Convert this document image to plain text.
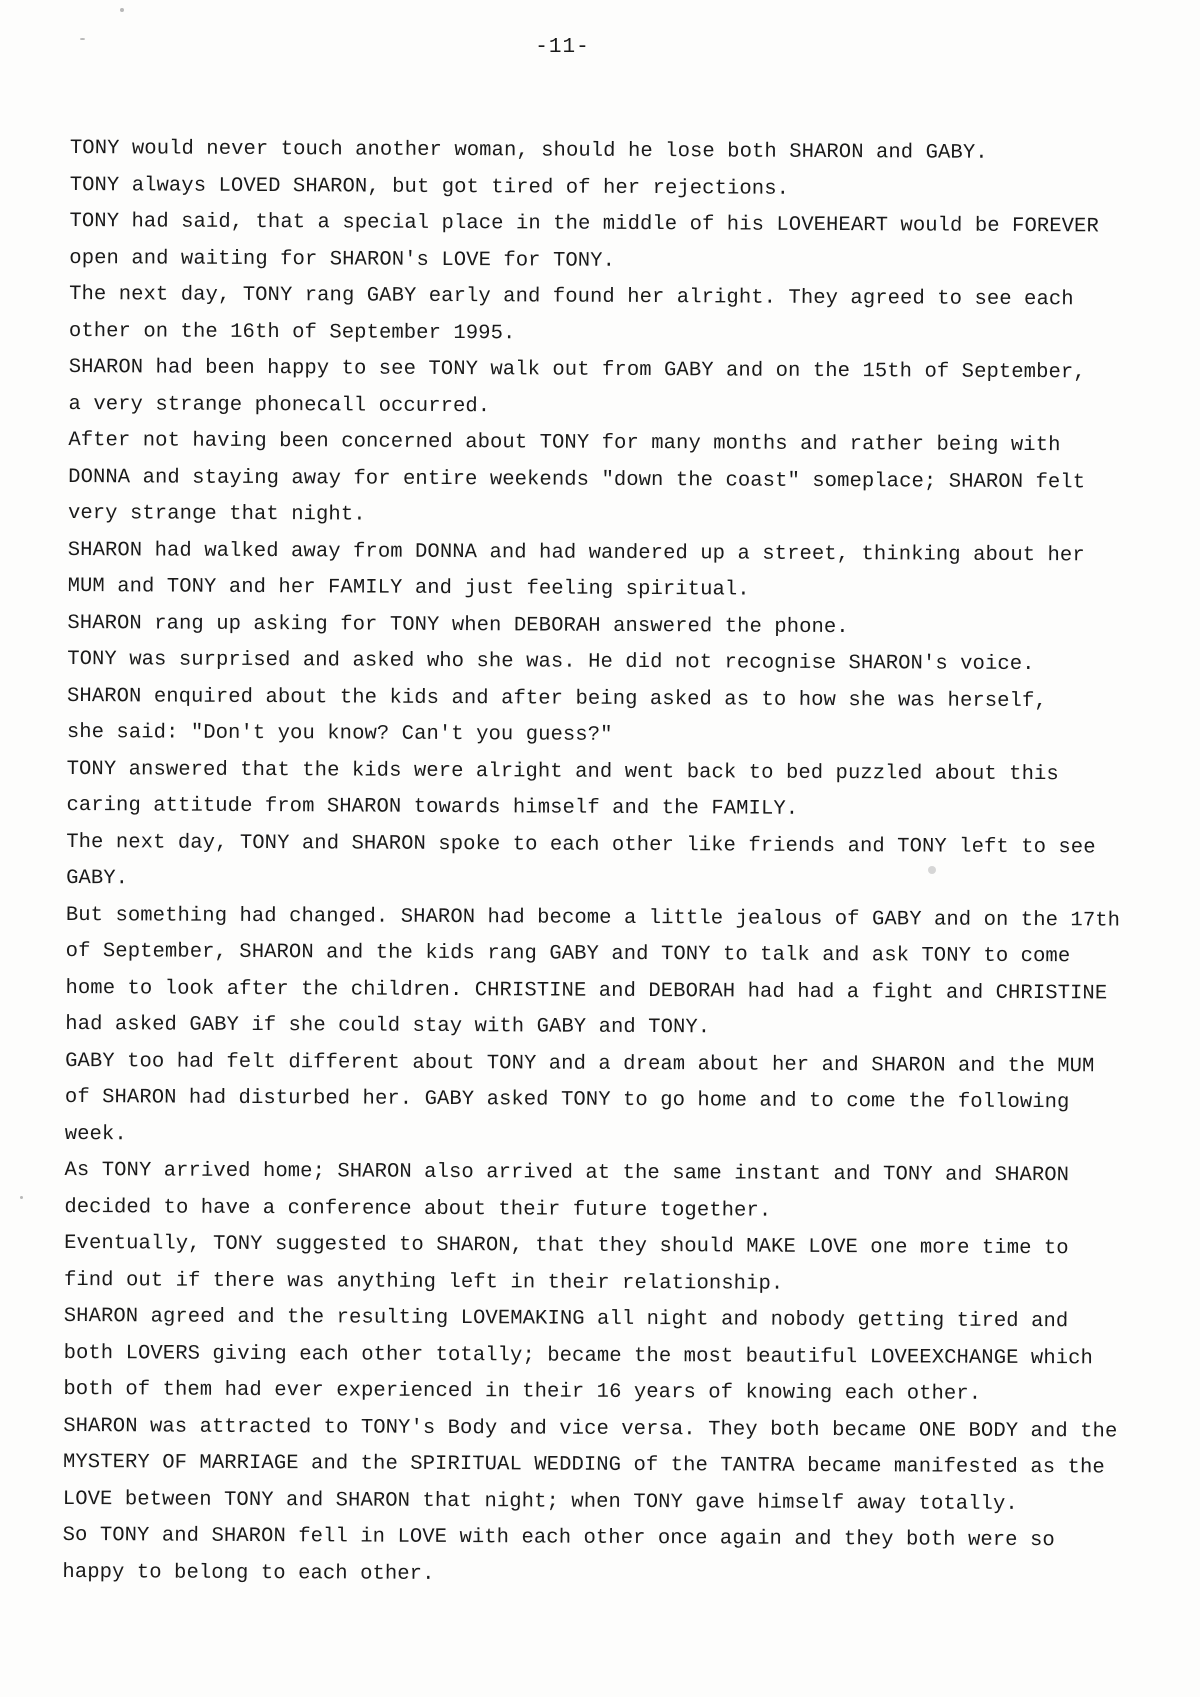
-11-
TONY would never touch another woman, should he lose both SHARON and GABY.
TONY always LOVED SHARON, but got tired of her rejections.
TONY had said, that a special place in the middle of his LOVEHEART would be FOREVER
open and waiting for SHARON's LOVE for TONY.
The next day, TONY rang GABY early and found her alright. They agreed to see each
other on the 16th of September 1995.
SHARON had been happy to see TONY walk out from GABY and on the 15th of September,
a very strange phonecall occurred.
After not having been concerned about TONY for many months and rather being with
DONNA and staying away for entire weekends "down the coast" someplace; SHARON felt
very strange that night.
SHARON had walked away from DONNA and had wandered up a street, thinking about her
MUM and TONY and her FAMILY and just feeling spiritual.
SHARON rang up asking for TONY when DEBORAH answered the phone.
TONY was surprised and asked who she was. He did not recognise SHARON's voice.
SHARON enquired about the kids and after being asked as to how she was herself,
she said: "Don't you know? Can't you guess?"
TONY answered that the kids were alright and went back to bed puzzled about this
caring attitude from SHARON towards himself and the FAMILY.
The next day, TONY and SHARON spoke to each other like friends and TONY left to see
GABY.
But something had changed. SHARON had become a little jealous of GABY and on the 17th
of September, SHARON and the kids rang GABY and TONY to talk and ask TONY to come
home to look after the children. CHRISTINE and DEBORAH had had a fight and CHRISTINE
had asked GABY if she could stay with GABY and TONY.
GABY too had felt different about TONY and a dream about her and SHARON and the MUM
of SHARON had disturbed her. GABY asked TONY to go home and to come the following
week.
As TONY arrived home; SHARON also arrived at the same instant and TONY and SHARON
decided to have a conference about their future together.
Eventually, TONY suggested to SHARON, that they should MAKE LOVE one more time to
find out if there was anything left in their relationship.
SHARON agreed and the resulting LOVEMAKING all night and nobody getting tired and
both LOVERS giving each other totally; became the most beautiful LOVEEXCHANGE which
both of them had ever experienced in their 16 years of knowing each other.
SHARON was attracted to TONY's Body and vice versa. They both became ONE BODY and the
MYSTERY OF MARRIAGE and the SPIRITUAL WEDDING of the TANTRA became manifested as the
LOVE between TONY and SHARON that night; when TONY gave himself away totally.
So TONY and SHARON fell in LOVE with each other once again and they both were so
happy to belong to each other.
